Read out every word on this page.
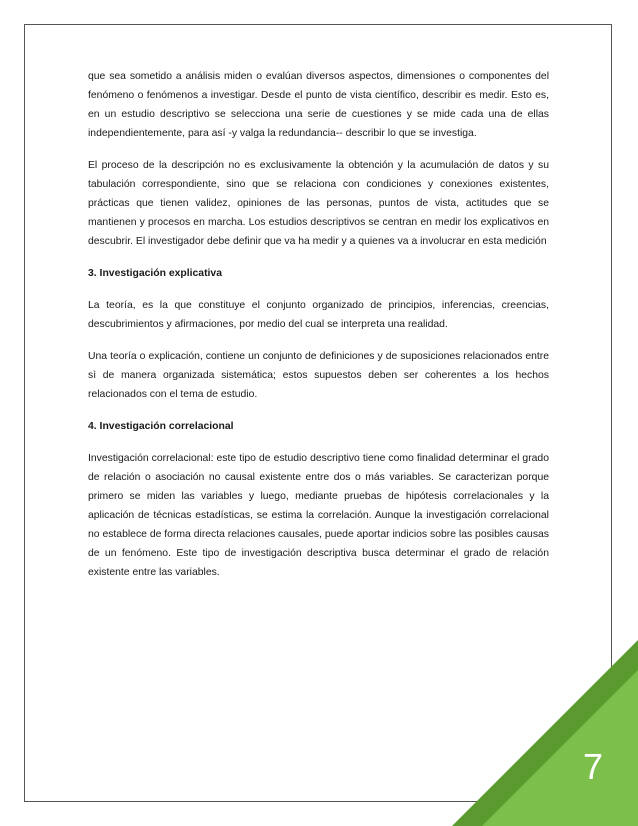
que sea sometido a análisis miden o evalúan diversos aspectos, dimensiones o componentes del fenómeno o fenómenos a investigar. Desde el punto de vista científico, describir es medir. Esto es, en un estudio descriptivo se selecciona una serie de cuestiones y se mide cada una de ellas independientemente, para así -y valga la redundancia-- describir lo que se investiga.

El proceso de la descripción no es exclusivamente la obtención y la acumulación de datos y su tabulación correspondiente, sino que se relaciona con condiciones y conexiones existentes, prácticas que tienen validez, opiniones de las personas, puntos de vista, actitudes que se mantienen y procesos en marcha. Los estudios descriptivos se centran en medir los explicativos en descubrir. El investigador debe definir que va ha medir y a quienes va a involucrar en esta medición

3. Investigación explicativa

La teoría, es la que constituye el conjunto organizado de principios, inferencias, creencias, descubrimientos y afirmaciones, por medio del cual se interpreta una realidad.

Una teoría o explicación, contiene un conjunto de definiciones y de suposiciones relacionados entre sì de manera organizada sistemática; estos supuestos deben ser coherentes a los hechos relacionados con el tema de estudio.

4. Investigación correlacional

Investigación correlacional: este tipo de estudio descriptivo tiene como finalidad determinar el grado de relación o asociación no causal existente entre dos o más variables. Se caracterizan porque primero se miden las variables y luego, mediante pruebas de hipótesis correlacionales y la aplicación de técnicas estadísticas, se estima la correlación. Aunque la investigación correlacional no establece de forma directa relaciones causales, puede aportar indicios sobre las posibles causas de un fenómeno. Este tipo de investigación descriptiva busca determinar el grado de relación existente entre las variables.

7
